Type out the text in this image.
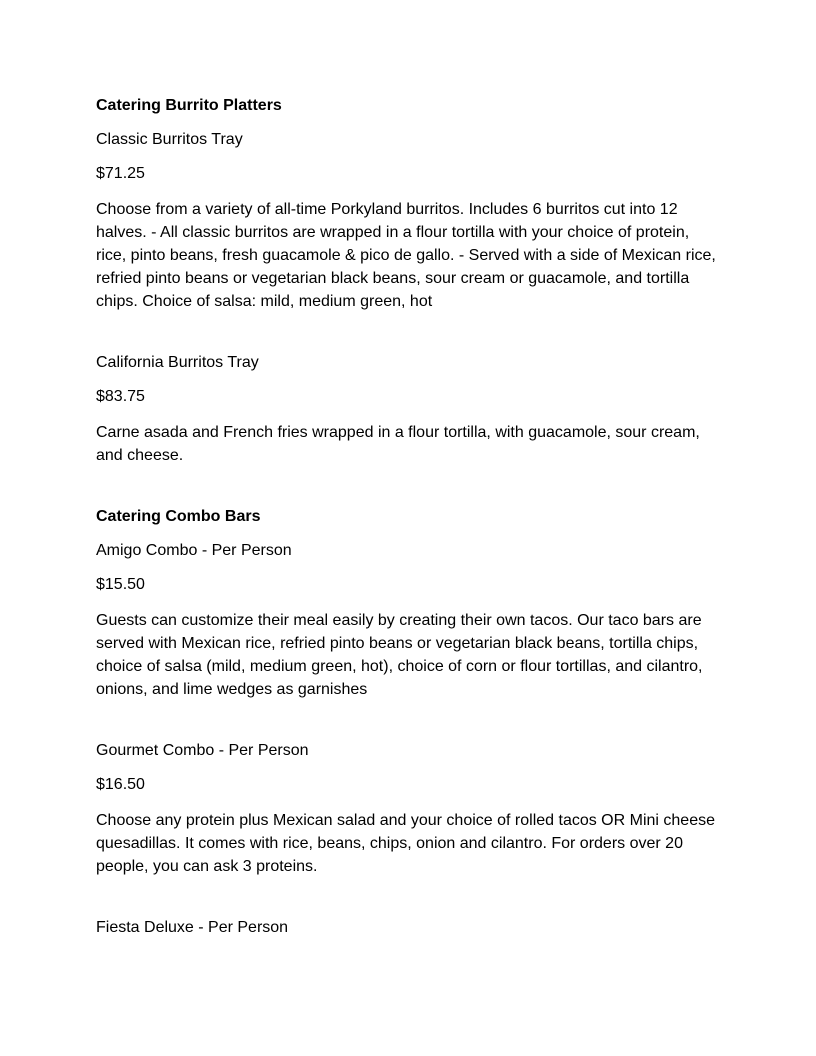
Catering Burrito Platters
Classic Burritos Tray
$71.25
Choose from a variety of all-time Porkyland burritos. Includes 6 burritos cut into 12 halves. - All classic burritos are wrapped in a flour tortilla with your choice of protein, rice, pinto beans, fresh guacamole & pico de gallo. - Served with a side of Mexican rice, refried pinto beans or vegetarian black beans, sour cream or guacamole, and tortilla chips. Choice of salsa: mild, medium green, hot
California Burritos Tray
$83.75
Carne asada and French fries wrapped in a flour tortilla, with guacamole, sour cream, and cheese.
Catering Combo Bars
Amigo Combo - Per Person
$15.50
Guests can customize their meal easily by creating their own tacos. Our taco bars are served with Mexican rice, refried pinto beans or vegetarian black beans, tortilla chips, choice of salsa (mild, medium green, hot), choice of corn or flour tortillas, and cilantro, onions, and lime wedges as garnishes
Gourmet Combo - Per Person
$16.50
Choose any protein plus Mexican salad and your choice of rolled tacos OR Mini cheese quesadillas. It comes with rice, beans, chips, onion and cilantro. For orders over 20 people, you can ask 3 proteins.
Fiesta Deluxe - Per Person
